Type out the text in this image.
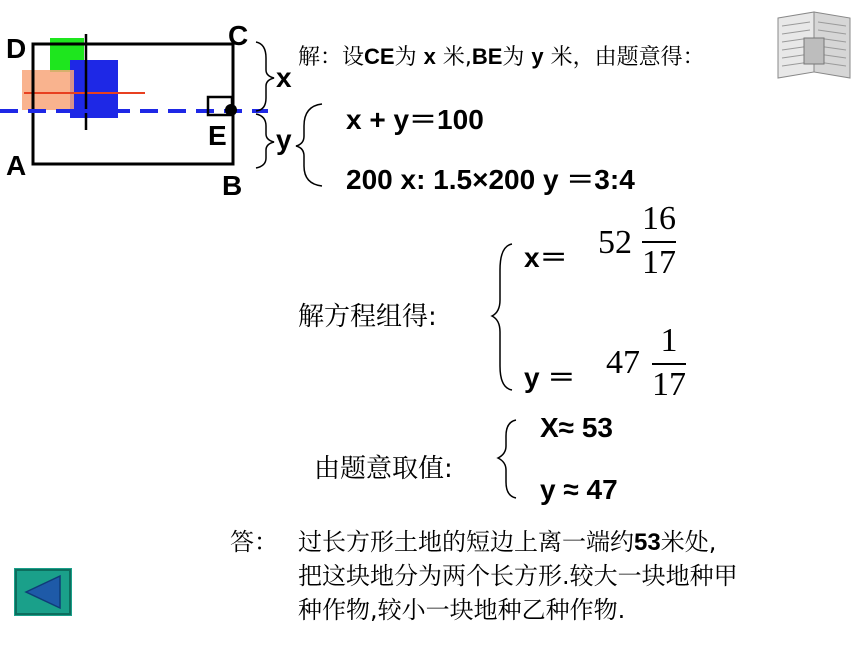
D	C
A
B
E
x
y
解：设CE为 x 米,BE为 y 米，由题意得：
x + y＝100
200 x: 1.5×200 y ＝3:4
解方程组得:
x＝ 52
16
17
y ＝ 47
1
17
由题意取值:
X≈ 53
y ≈ 47
答： 过长方形土地的短边上离一端约53米处,
把这块地分为两个长方形.较大一块地种甲
种作物,较小一块地种乙种作物.
